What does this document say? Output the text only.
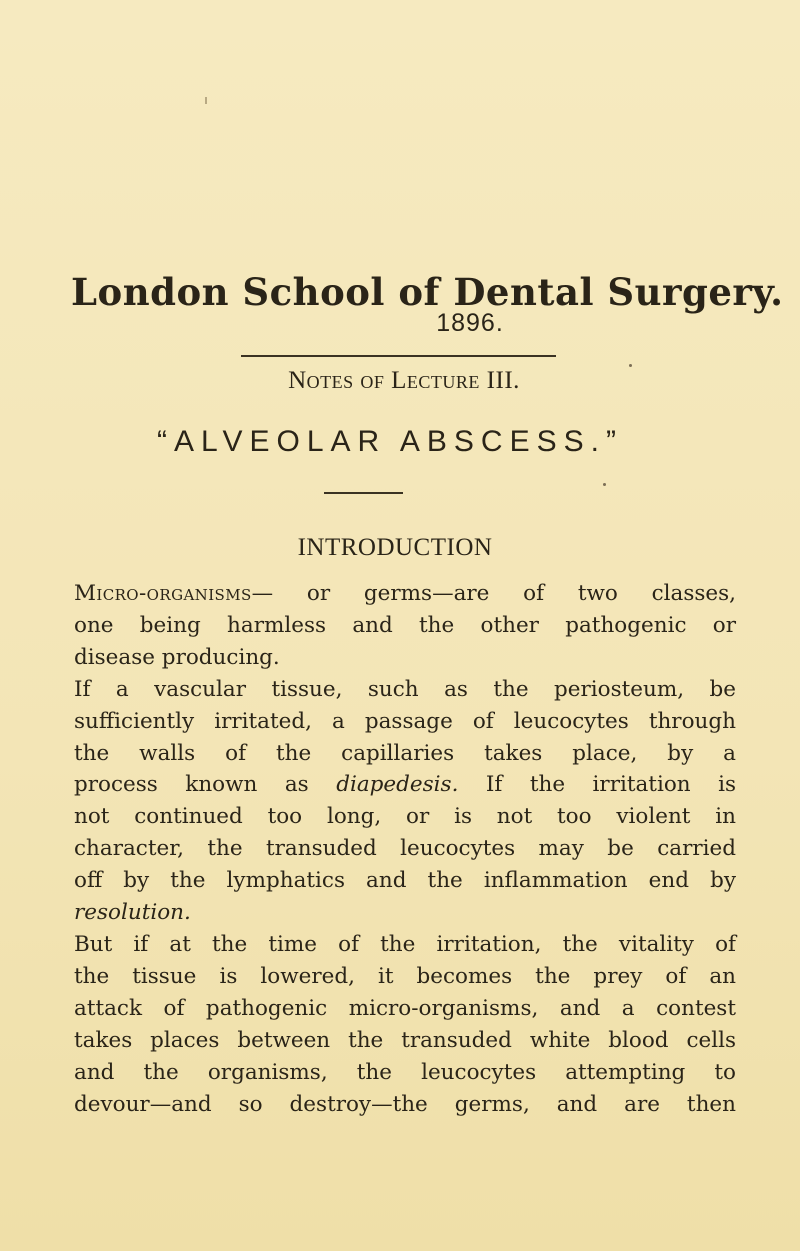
London School of Dental Surgery.
1896.
Notes of Lecture III.
“ALVEOLAR ABSCESS.”
INTRODUCTION

Micro-organisms— or germs—are of two classes,
one being harmless and the other pathogenic or
disease producing.

If a vascular tissue, such as the periosteum, be
sufficiently irritated, a passage of leucocytes through
the walls of the capillaries takes place, by a
process known as diapedesis. If the irritation is
not continued too long, or is not too violent in
character, the transuded leucocytes may be carried
off by the lymphatics and the inflammation end by
resolution.

But if at the time of the irritation, the vitality of
the tissue is lowered, it becomes the prey of an
attack of pathogenic micro-organisms, and a contest
takes places between the transuded white blood cells
and the organisms, the leucocytes attempting to
devour—and so destroy—the germs, and are then
